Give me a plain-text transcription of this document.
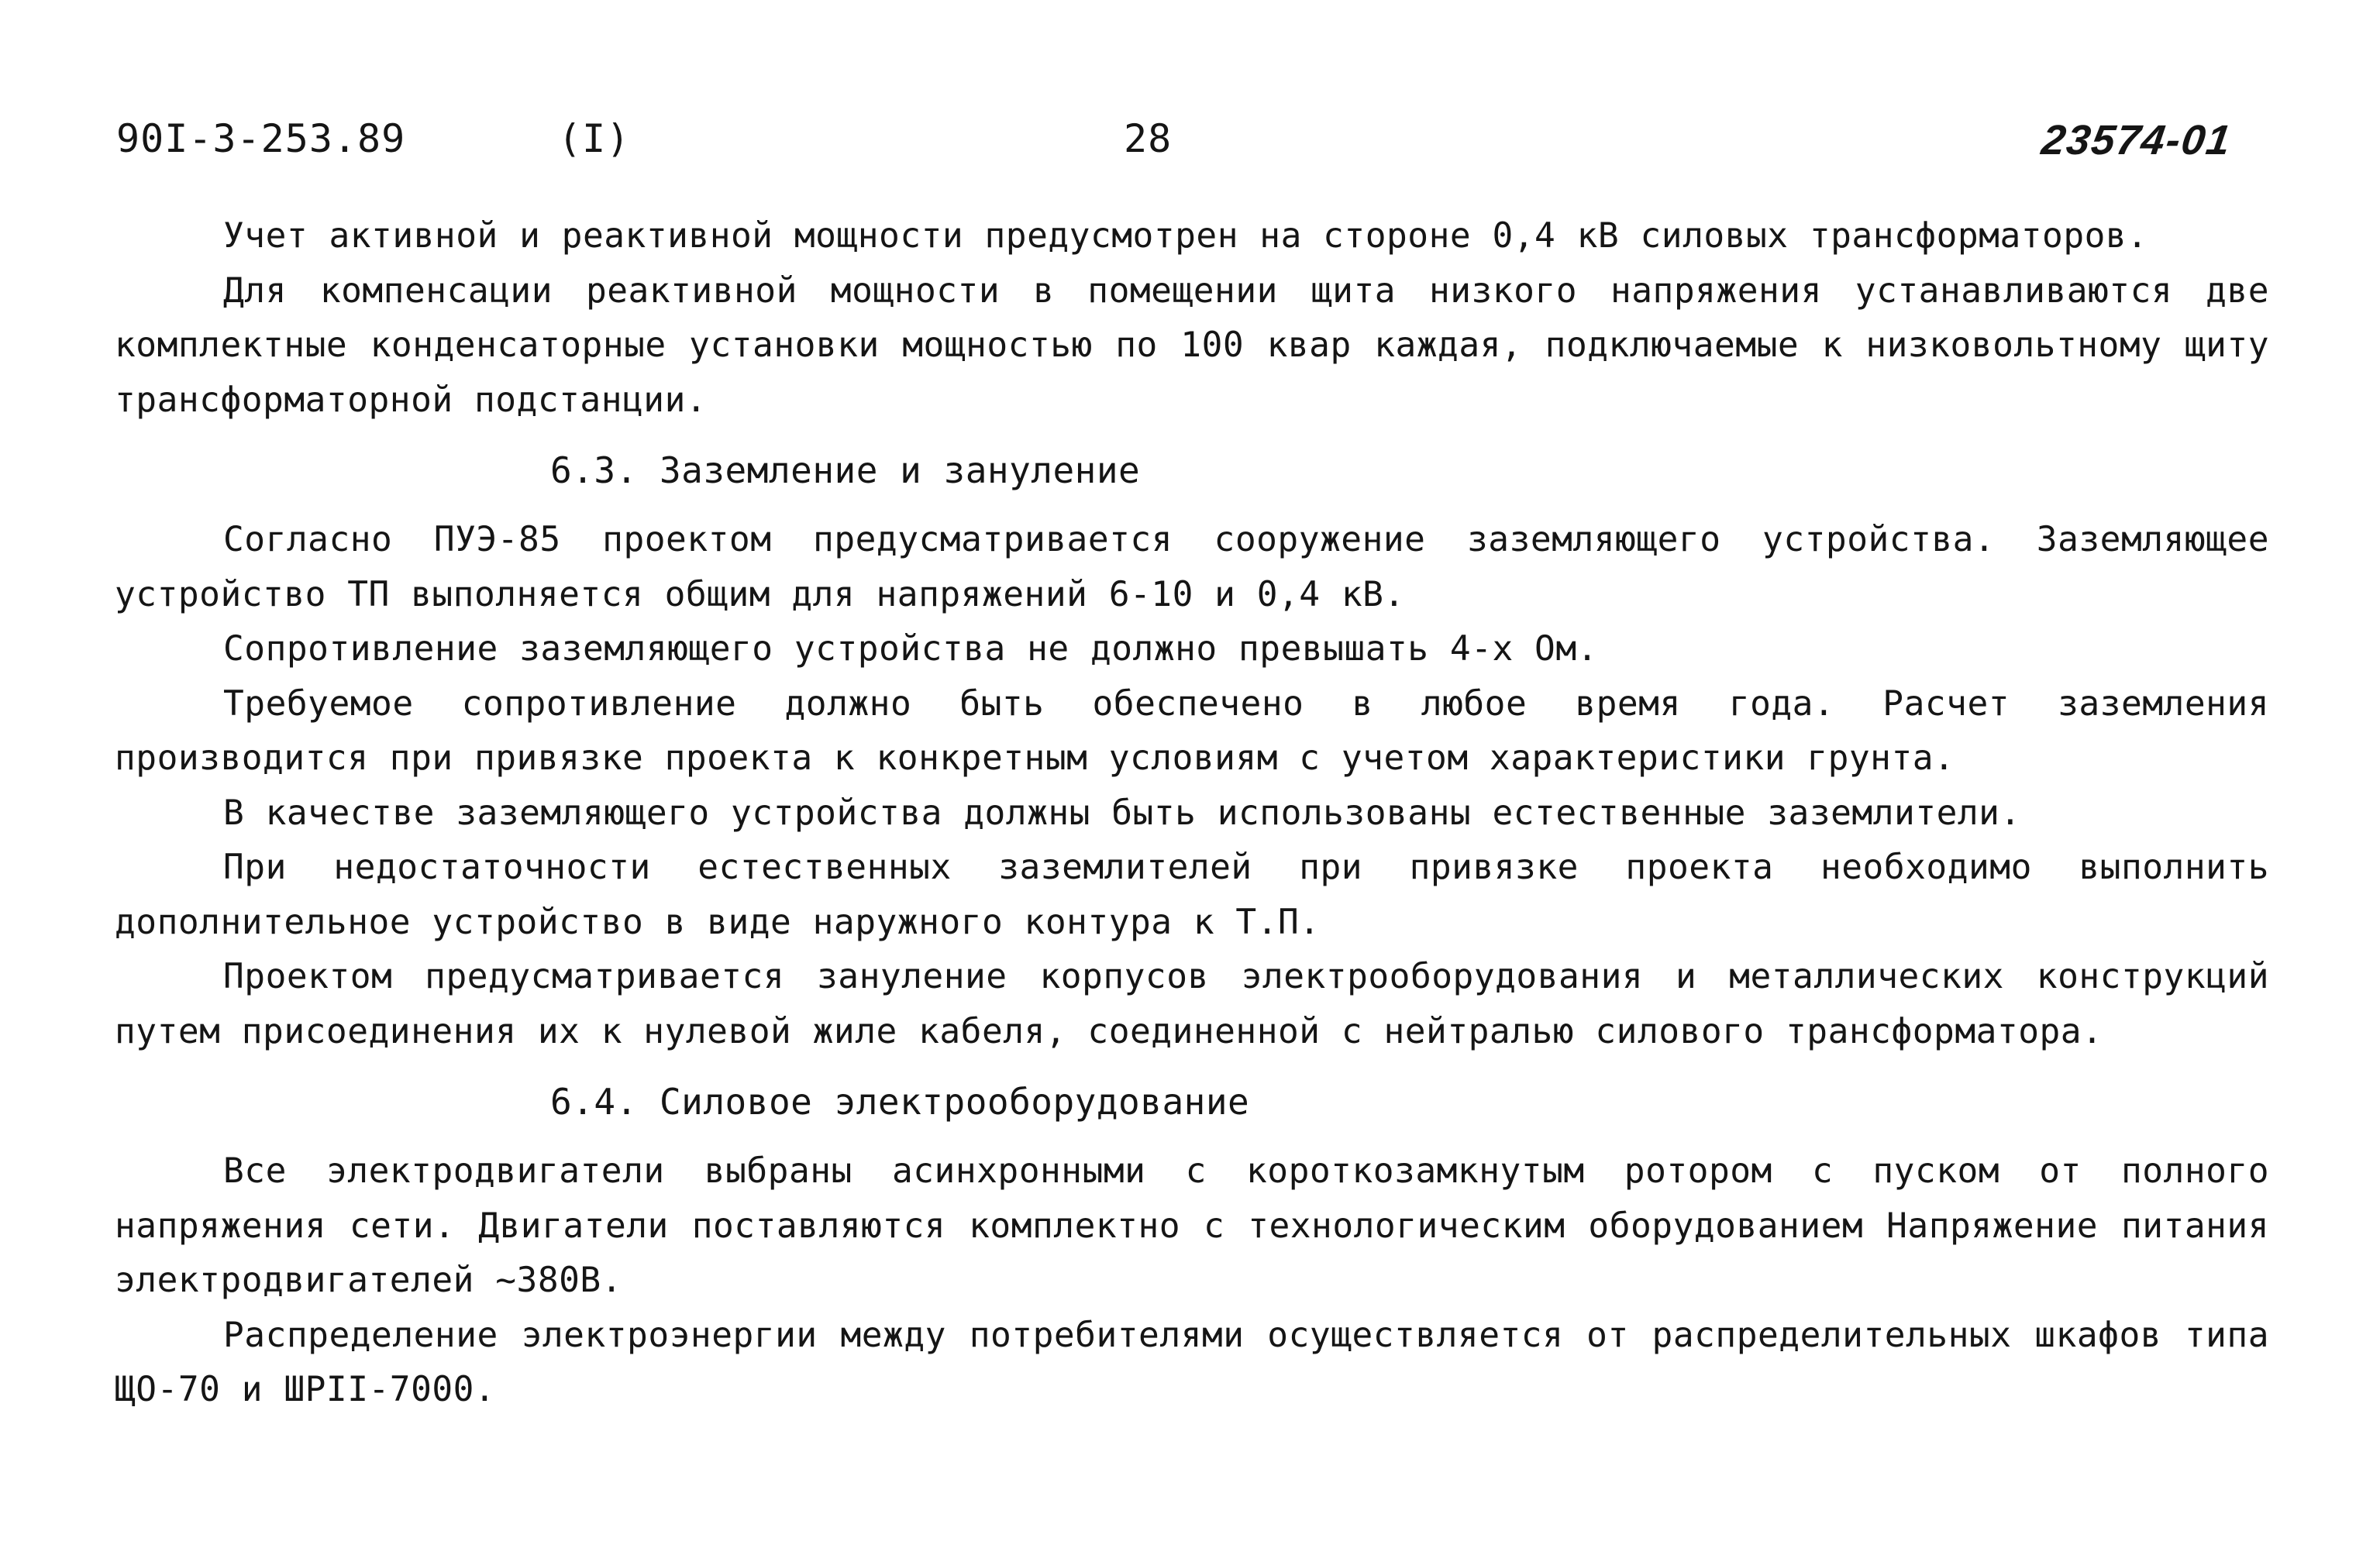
90I-3-253.89	(I)	28	23574-01

Учет активной и реактивной мощности предусмотрен на стороне 0,4 кВ силовых трансформаторов.

Для компенсации реактивной мощности в помещении щита низкого напряжения устанавливаются две комплектные конденсаторные установки мощностью по 100 квар каждая, подключаемые к низковольтному щиту трансформаторной подстанции.

6.3. Заземление и зануление

Согласно ПУЭ-85 проектом предусматривается сооружение заземляющего устройства. Заземляющее устройство ТП выполняется общим для напряжений 6-10 и 0,4 кВ.

Сопротивление заземляющего устройства не должно превышать 4-х Ом.

Требуемое сопротивление должно быть обеспечено в любое время года. Расчет заземления производится при привязке проекта к конкретным условиям с учетом характеристики грунта.

В качестве заземляющего устройства должны быть использованы естественные заземлители.

При недостаточности естественных заземлителей при привязке проекта необходимо выполнить дополнительное устройство в виде наружного контура к Т.П.

Проектом предусматривается зануление корпусов электрооборудования и металлических конструкций путем присоединения их к нулевой жиле кабеля, соединенной с нейтралью силового трансформатора.

6.4. Силовое электрооборудование

Все электродвигатели выбраны асинхронными с короткозамкнутым ротором с пуском от полного напряжения сети. Двигатели поставляются комплектно с технологическим оборудованием Напряжение питания электродвигателей ~380В.

Распределение электроэнергии между потребителями осуществляется от распределительных шкафов типа ЩО-70 и ШРII-7000.
